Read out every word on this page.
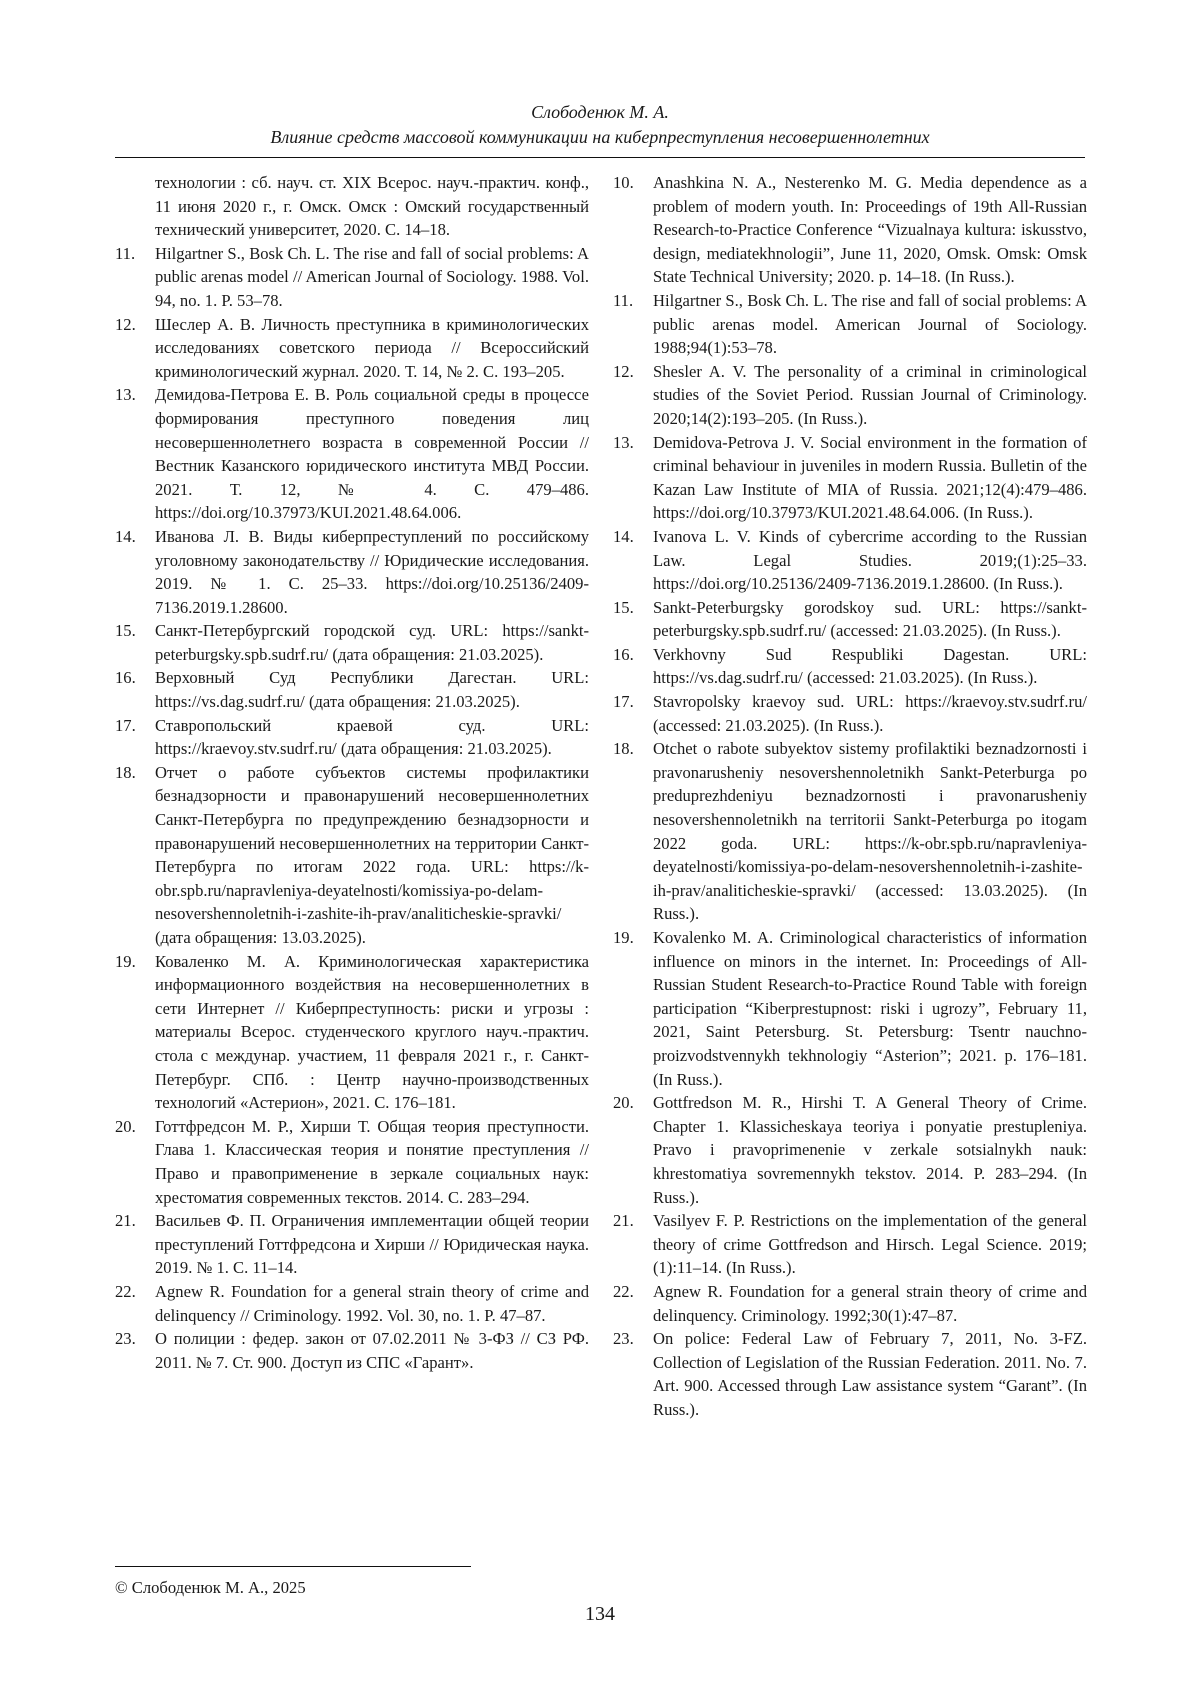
Слободенюк М. А.
Влияние средств массовой коммуникации на киберпреступления несовершеннолетних
технологии : сб. науч. ст. XIX Всерос. науч.-практич. конф., 11 июня 2020 г., г. Омск. Омск : Омский государственный технический университет, 2020. С. 14–18.
11.	Hilgartner S., Bosk Ch. L. The rise and fall of social problems: A public arenas model // American Journal of Sociology. 1988. Vol. 94, no. 1. P. 53–78.
12.	Шеслер А. В. Личность преступника в криминологических исследованиях советского периода // Всероссийский криминологический журнал. 2020. Т. 14, № 2. С. 193–205.
13.	Демидова-Петрова Е. В. Роль социальной среды в процессе формирования преступного поведения лиц несовершеннолетнего возраста в современной России // Вестник Казанского юридического института МВД России. 2021. Т. 12, № 4. С. 479–486. https://doi.org/10.37973/KUI.2021.48.64.006.
14.	Иванова Л. В. Виды киберпреступлений по российскому уголовному законодательству // Юридические исследования. 2019. № 1. С. 25–33. https://doi.org/10.25136/2409-7136.2019.1.28600.
15.	Санкт-Петербургский городской суд. URL: https://sankt-peterburgsky.spb.sudrf.ru/ (дата обращения: 21.03.2025).
16.	Верховный Суд Республики Дагестан. URL: https://vs.dag.sudrf.ru/ (дата обращения: 21.03.2025).
17.	Ставропольский краевой суд. URL: https://kraevoy.stv.sudrf.ru/ (дата обращения: 21.03.2025).
18.	Отчет о работе субъектов системы профилактики безнадзорности и правонарушений несовершеннолетних Санкт-Петербурга по предупреждению безнадзорности и правонарушений несовершеннолетних на территории Санкт-Петербурга по итогам 2022 года. URL: https://k-obr.spb.ru/napravleniya-deyatelnosti/komissiya-po-delam-nesovershennoletnih-i-zashite-ih-prav/analiticheskie-spravki/ (дата обращения: 13.03.2025).
19.	Коваленко М. А. Криминологическая характеристика информационного воздействия на несовершеннолетних в сети Интернет // Киберпреступность: риски и угрозы : материалы Всерос. студенческого круглого науч.-практич. стола с междунар. участием, 11 февраля 2021 г., г. Санкт-Петербург. СПб. : Центр научно-производственных технологий «Астерион», 2021. С. 176–181.
20.	Готтфредсон М. Р., Хирши Т. Общая теория преступности. Глава 1. Классическая теория и понятие преступления // Право и правоприменение в зеркале социальных наук: хрестоматия современных текстов. 2014. С. 283–294.
21.	Васильев Ф. П. Ограничения имплементации общей теории преступлений Готтфредсона и Хирши // Юридическая наука. 2019. № 1. С. 11–14.
22.	Agnew R. Foundation for a general strain theory of crime and delinquency // Criminology. 1992. Vol. 30, no. 1. P. 47–87.
23.	О полиции : федер. закон от 07.02.2011 № 3-ФЗ // СЗ РФ. 2011. № 7. Ст. 900. Доступ из СПС «Гарант».
10.	Anashkina N. A., Nesterenko M. G. Media dependence as a problem of modern youth. In: Proceedings of 19th All-Russian Research-to-Practice Conference “Vizualnaya kultura: iskusstvo, design, mediatekhnologii”, June 11, 2020, Omsk. Omsk: Omsk State Technical University; 2020. p. 14–18. (In Russ.).
11.	Hilgartner S., Bosk Ch. L. The rise and fall of social problems: A public arenas model. American Journal of Sociology. 1988;94(1):53–78.
12.	Shesler A. V. The personality of a criminal in criminological studies of the Soviet Period. Russian Journal of Criminology. 2020;14(2):193–205. (In Russ.).
13.	Demidova-Petrova J. V. Social environment in the formation of criminal behaviour in juveniles in modern Russia. Bulletin of the Kazan Law Institute of MIA of Russia. 2021;12(4):479–486. https://doi.org/10.37973/KUI.2021.48.64.006. (In Russ.).
14.	Ivanova L. V. Kinds of cybercrime according to the Russian Law. Legal Studies. 2019;(1):25–33. https://doi.org/10.25136/2409-7136.2019.1.28600. (In Russ.).
15.	Sankt-Peterburgsky gorodskoy sud. URL: https://sankt-peterburgsky.spb.sudrf.ru/ (accessed: 21.03.2025). (In Russ.).
16.	Verkhovny Sud Respubliki Dagestan. URL: https://vs.dag.sudrf.ru/ (accessed: 21.03.2025). (In Russ.).
17.	Stavropolsky kraevoy sud. URL: https://kraevoy.stv.sudrf.ru/ (accessed: 21.03.2025). (In Russ.).
18.	Otchet o rabote subyektov sistemy profilaktiki beznadzornosti i pravonarusheniy nesovershennoletnikh Sankt-Peterburga po preduprezhdeniyu beznadzornosti i pravonarusheniy nesovershennoletnikh na territorii Sankt-Peterburga po itogam 2022 goda. URL: https://k-obr.spb.ru/napravleniya-deyatelnosti/komissiya-po-delam-nesovershennoletnih-i-zashite-ih-prav/analiticheskie-spravki/ (accessed: 13.03.2025). (In Russ.).
19.	Kovalenko M. A. Criminological characteristics of information influence on minors in the internet. In: Proceedings of All-Russian Student Research-to-Practice Round Table with foreign participation “Kiberprestupnost: riski i ugrozy”, February 11, 2021, Saint Petersburg. St. Petersburg: Tsentr nauchno-proizvodstvennykh tekhnologiy “Asterion”; 2021. p. 176–181. (In Russ.).
20.	Gottfredson M. R., Hirshi T. A General Theory of Crime. Chapter 1. Klassicheskaya teoriya i ponyatie prestupleniya. Pravo i pravoprimenenie v zerkale sotsialnykh nauk: khrestomatiya sovremennykh tekstov. 2014. P. 283–294. (In Russ.).
21.	Vasilyev F. P. Restrictions on the implementation of the general theory of crime Gottfredson and Hirsch. Legal Science. 2019;(1):11–14. (In Russ.).
22.	Agnew R. Foundation for a general strain theory of crime and delinquency. Criminology. 1992;30(1):47–87.
23.	On police: Federal Law of February 7, 2011, No. 3-FZ. Collection of Legislation of the Russian Federation. 2011. No. 7. Art. 900. Accessed through Law assistance system “Garant”. (In Russ.).
© Слободенюк М. А., 2025
134
